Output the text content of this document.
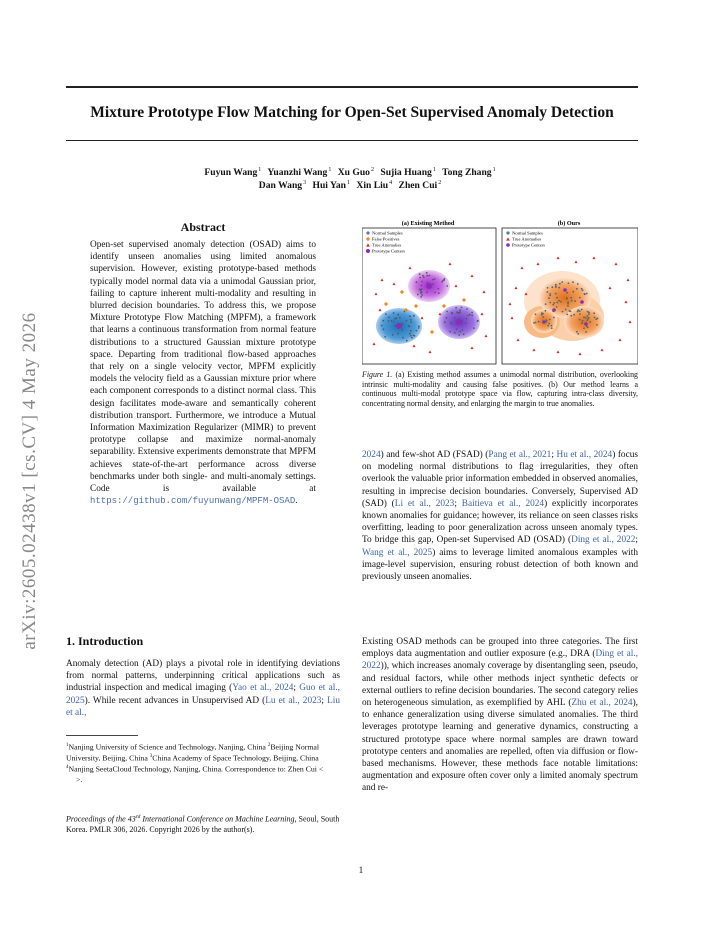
arXiv:2605.02438v1 [cs.CV] 4 May 2026
Mixture Prototype Flow Matching for Open-Set Supervised Anomaly Detection
Fuyun Wang$^1$ Yuanzhi Wang$^1$ Xu Guo$^2$ Sujia Huang$^1$ Tong Zhang$^1$
Dan Wang$^3$ Hui Yan$^1$ Xin Liu$^4$ Zhen Cui$^2$
Abstract
Open-set supervised anomaly detection (OSAD) aims to identify unseen anomalies using limited anomalous supervision. However, existing prototype-based methods typically model normal data via a unimodal Gaussian prior, failing to capture inherent multi-modality and resulting in blurred decision boundaries. To address this, we propose Mixture Prototype Flow Matching (MPFM), a framework that learns a continuous transformation from normal feature distributions to a structured Gaussian mixture prototype space. Departing from traditional flow-based approaches that rely on a single velocity vector, MPFM explicitly models the velocity field as a Gaussian mixture prior where each component corresponds to a distinct normal class. This design facilitates mode-aware and semantically coherent distribution transport. Furthermore, we introduce a Mutual Information Maximization Regularizer (MIMR) to prevent prototype collapse and maximize normal-anomaly separability. Extensive experiments demonstrate that MPFM achieves state-of-the-art performance across diverse benchmarks under both single- and multi-anomaly settings. Code is available at https://github.com/fuyunwang/MPFM-OSAD.
1. Introduction
Anomaly detection (AD) plays a pivotal role in identifying deviations from normal patterns, underpinning critical applications such as industrial inspection and medical imaging (Yao et al., 2024; Guo et al., 2025). While recent advances in Unsupervised AD (Lu et al., 2023; Liu et al.,
$^1$Nanjing University of Science and Technology, Nanjing, China $^2$Beijing Normal University, Beijing, China $^3$China Academy of Space Technology, Beijing, China $^4$Nanjing SeetaCloud Technology, Nanjing, China. Correspondence to: Zhen Cui <
>.
Proceedings of the 43rd International Conference on Machine Learning, Seoul, South Korea. PMLR 306, 2026. Copyright 2026 by the author(s).
(a) Existing Method	(b) Ours
Normal Samples
False Positives
True Anomalies
Prototype Centers
Normal Samples
True Anomalies
Prototype Centers
Figure 1. (a) Existing method assumes a unimodal normal distribution, overlooking intrinsic multi-modality and causing false positives. (b) Our method learns a continuous multi-modal prototype space via flow, capturing intra-class diversity, concentrating normal density, and enlarging the margin to true anomalies.
2024) and few-shot AD (FSAD) (Pang et al., 2021; Hu et al., 2024) focus on modeling normal distributions to flag irregularities, they often overlook the valuable prior information embedded in observed anomalies, resulting in imprecise decision boundaries. Conversely, Supervised AD (SAD) (Li et al., 2023; Baitieva et al., 2024) explicitly incorporates known anomalies for guidance; however, its reliance on seen classes risks overfitting, leading to poor generalization across unseen anomaly types. To bridge this gap, Open-set Supervised AD (OSAD) (Ding et al., 2022; Wang et al., 2025) aims to leverage limited anomalous examples with image-level supervision, ensuring robust detection of both known and previously unseen anomalies.
Existing OSAD methods can be grouped into three categories. The first employs data augmentation and outlier exposure (e.g., DRA (Ding et al., 2022)), which increases anomaly coverage by disentangling seen, pseudo, and residual factors, while other methods inject synthetic defects or external outliers to refine decision boundaries. The second category relies on heterogeneous simulation, as exemplified by AHL (Zhu et al., 2024), to enhance generalization using diverse simulated anomalies. The third leverages prototype learning and generative dynamics, constructing a structured prototype space where normal samples are drawn toward prototype centers and anomalies are repelled, often via diffusion or flow-based mechanisms. However, these methods face notable limitations: augmentation and exposure often cover only a limited anomaly spectrum and re-
1
